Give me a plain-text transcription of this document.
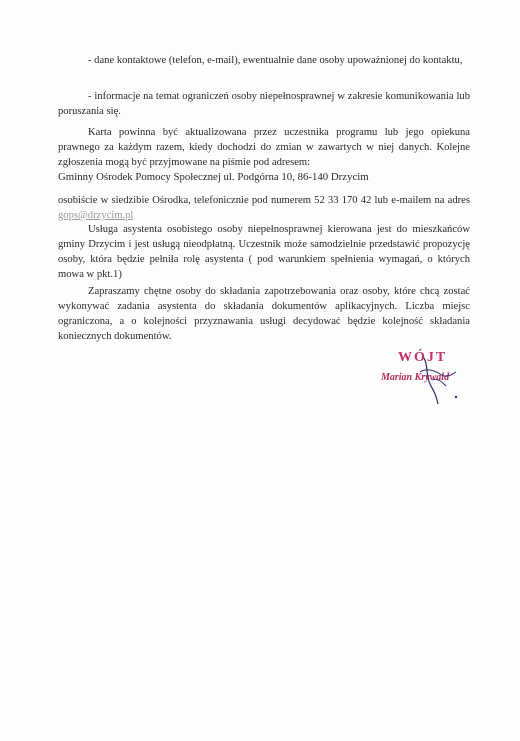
- dane kontaktowe (telefon, e-mail), ewentualnie dane osoby upoważnionej do kontaktu,

- informacje na temat ograniczeń osoby niepełnosprawnej w zakresie komunikowania lub poruszania się.

Karta powinna być aktualizowana przez uczestnika programu lub jego opiekuna prawnego za każdym razem, kiedy dochodzi do zmian w zawartych w niej danych. Kolejne zgłoszenia mogą być przyjmowane na piśmie pod adresem:

Gminny Ośrodek Pomocy Społecznej ul. Podgórna 10, 86-140 Drzycim

osobiście w siedzibie Ośrodka, telefonicznie pod numerem 52 33 170 42 lub e-mailem na adres gops@drzycim.pl

Usługa asystenta osobistego osoby niepełnosprawnej kierowana jest do mieszkańców gminy Drzycim i jest usługą nieodpłatną. Uczestnik może samodzielnie przedstawić propozycję osoby, która będzie pełniła rolę asystenta ( pod warunkiem spełnienia wymagań, o których mowa w pkt.1)

Zapraszamy chętne osoby do składania zapotrzebowania oraz osoby, które chcą zostać wykonywać zadania asystenta do składania dokumentów aplikacyjnych. Liczba miejsc ograniczona, a o kolejności przyznawania usługi decydować będzie kolejność składania koniecznych dokumentów.

WÓJT
Marian Krywald
